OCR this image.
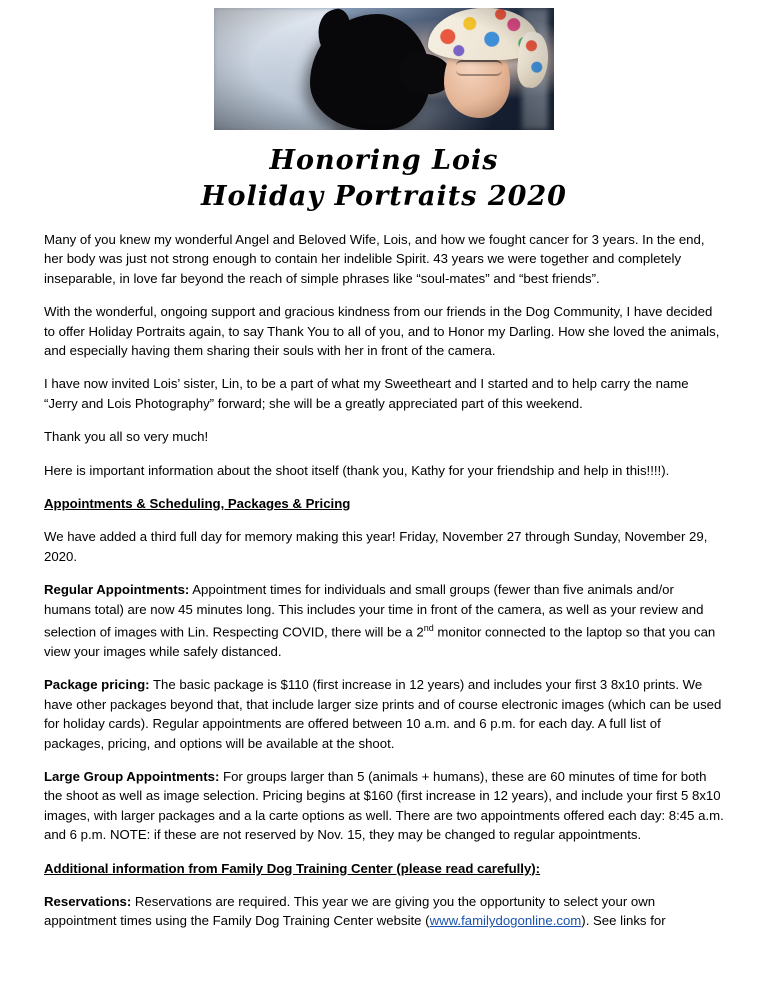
Honoring Lois
Holiday Portraits 2020

Many of you knew my wonderful Angel and Beloved Wife, Lois, and how we fought cancer for 3 years. In the end, her body was just not strong enough to contain her indelible Spirit. 43 years we were together and completely inseparable, in love far beyond the reach of simple phrases like “soul-mates” and “best friends”.

With the wonderful, ongoing support and gracious kindness from our friends in the Dog Community, I have decided to offer Holiday Portraits again, to say Thank You to all of you, and to Honor my Darling. How she loved the animals, and especially having them sharing their souls with her in front of the camera.

I have now invited Lois’ sister, Lin, to be a part of what my Sweetheart and I started and to help carry the name “Jerry and Lois Photography” forward; she will be a greatly appreciated part of this weekend.

Thank you all so very much!

Here is important information about the shoot itself (thank you, Kathy for your friendship and help in this!!!!).

Appointments & Scheduling, Packages & Pricing

We have added a third full day for memory making this year! Friday, November 27 through Sunday, November 29, 2020.

Regular Appointments: Appointment times for individuals and small groups (fewer than five animals and/or humans total) are now 45 minutes long. This includes your time in front of the camera, as well as your review and selection of images with Lin. Respecting COVID, there will be a 2nd monitor connected to the laptop so that you can view your images while safely distanced.

Package pricing: The basic package is $110 (first increase in 12 years) and includes your first 3 8x10 prints. We have other packages beyond that, that include larger size prints and of course electronic images (which can be used for holiday cards). Regular appointments are offered between 10 a.m. and 6 p.m. for each day. A full list of packages, pricing, and options will be available at the shoot.

Large Group Appointments: For groups larger than 5 (animals + humans), these are 60 minutes of time for both the shoot as well as image selection. Pricing begins at $160 (first increase in 12 years), and include your first 5 8x10 images, with larger packages and a la carte options as well. There are two appointments offered each day: 8:45 a.m. and 6 p.m. NOTE: if these are not reserved by Nov. 15, they may be changed to regular appointments.

Additional information from Family Dog Training Center (please read carefully):

Reservations: Reservations are required. This year we are giving you the opportunity to select your own appointment times using the Family Dog Training Center website (www.familydogonline.com). See links for
